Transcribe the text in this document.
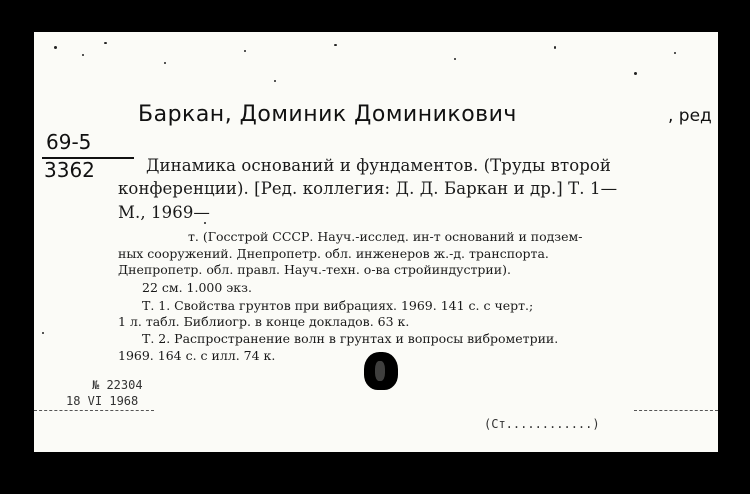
Баркан, Доминик Доминикович	, ред
69-5
3362	Динамика оснований и фундаментов. (Труды второй
конференции). [Ред. коллегия: Д. Д. Баркан и др.] Т. 1—
М., 1969—
т. (Госстрой СССР. Науч.-исслед. ин-т оснований и подзем-
ных сооружений. Днепропетр. обл. инженеров ж.-д. транспорта.
Днепропетр. обл. правл. Науч.-техн. о-ва стройиндустрии).
22 см. 1.000 экз.
Т. 1. Свойства грунтов при вибрациях. 1969. 141 с. с черт.;
1 л. табл. Библиогр. в конце докладов. 63 к.
Т. 2. Распространение волн в грунтах и вопросы виброметрии.
1969. 164 с. с илл. 74 к.
№ 22304
18 VI 1968
(Ст............)
